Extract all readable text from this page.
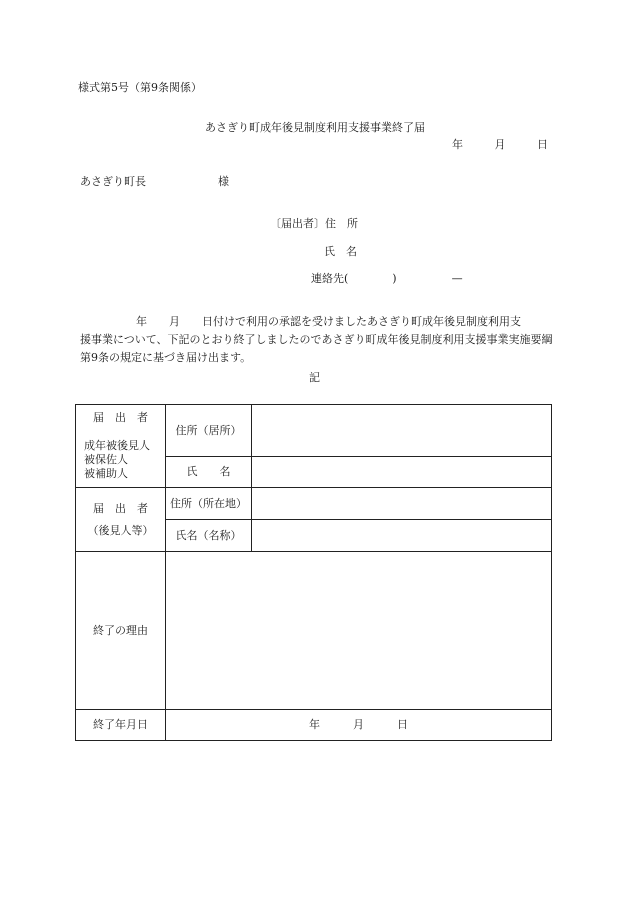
様式第5号（第9条関係）
あさぎり町成年後見制度利用支援事業終了届
年	月	日
あさぎり町長	様
〔届出者〕住　所
氏　名
連絡先(　　　　)　　　　　—
年　　月　　日付けで利用の承認を受けましたあさぎり町成年後見制度利用支
援事業について、下記のとおり終了しましたのであさぎり町成年後見制度利用支援事業実施要綱第9条の規定に基づき届け出ます。
記
届　出　者
成年被後見人
被保佐人
被補助人	住所（居所）	
	氏　　名	

届　出　者
（後見人等）	住所（所在地）	
	氏名（名称）	
終了の理由		
終了年月日	年　　　月　　　日	
